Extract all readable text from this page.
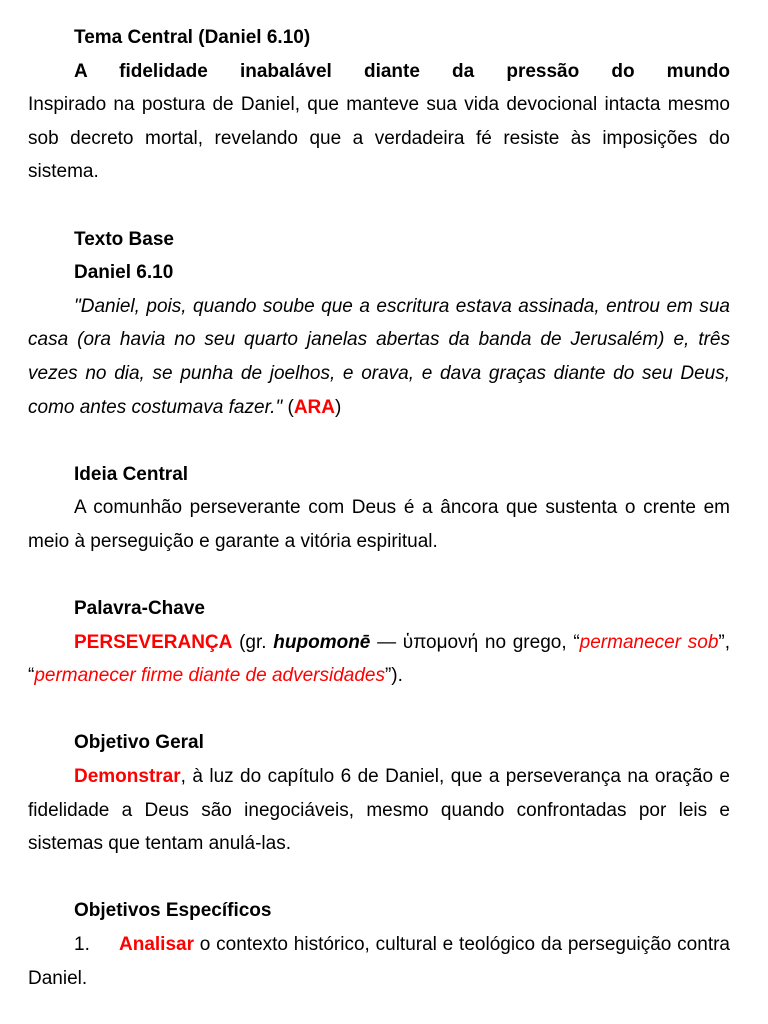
Tema Central (Daniel 6.10)

A fidelidade inabalável diante da pressão do mundo

Inspirado na postura de Daniel, que manteve sua vida devocional intacta mesmo sob decreto mortal, revelando que a verdadeira fé resiste às imposições do sistema.

Texto Base
Daniel 6.10

"Daniel, pois, quando soube que a escritura estava assinada, entrou em sua casa (ora havia no seu quarto janelas abertas da banda de Jerusalém) e, três vezes no dia, se punha de joelhos, e orava, e dava graças diante do seu Deus, como antes costumava fazer." (ARA)

Ideia Central

A comunhão perseverante com Deus é a âncora que sustenta o crente em meio à perseguição e garante a vitória espiritual.

Palavra-Chave

PERSEVERANÇA (gr. hupomonē — ὑπομονή no grego, “permanecer sob”, “permanecer firme diante de adversidades”).

Objetivo Geral

Demonstrar, à luz do capítulo 6 de Daniel, que a perseverança na oração e fidelidade a Deus são inegociáveis, mesmo quando confrontadas por leis e sistemas que tentam anulá-las.

Objetivos Específicos

1. Analisar o contexto histórico, cultural e teológico da perseguição contra Daniel.
